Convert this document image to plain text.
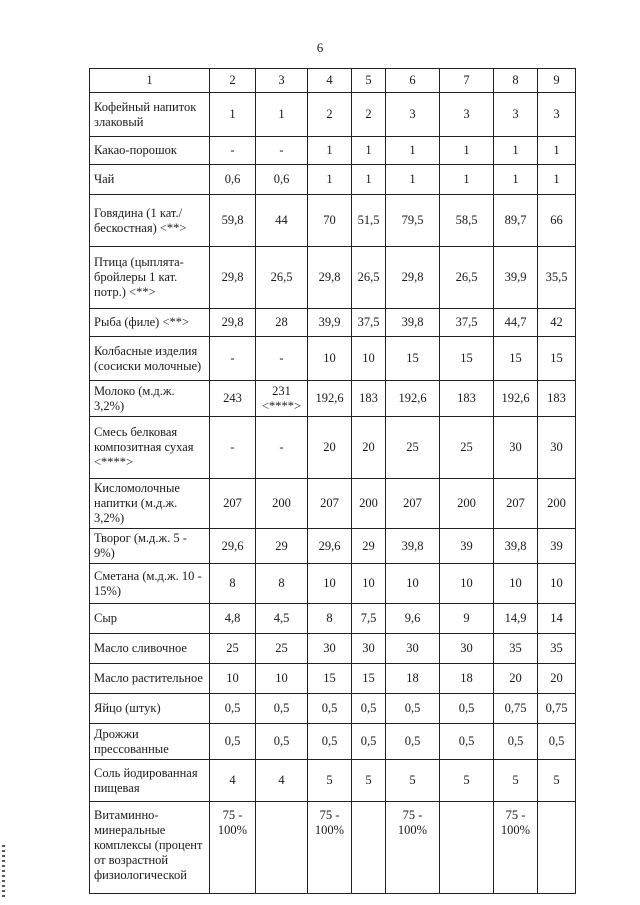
6
1	2	3	4	5	6	7	8	9
Кофейный напиток злаковый	1	1	2	2	3	3	3	3
Какао-порошок	-	-	1	1	1	1	1	1
Чай	0,6	0,6	1	1	1	1	1	1
Говядина (1 кат./бескостная) <**>	59,8	44	70	51,5	79,5	58,5	89,7	66
Птица (цыплята-бройлеры 1 кат. потр.) <**>	29,8	26,5	29,8	26,5	29,8	26,5	39,9	35,5
Рыба (филе) <**>	29,8	28	39,9	37,5	39,8	37,5	44,7	42
Колбасные изделия (сосиски молочные)	-	-	10	10	15	15	15	15
Молоко (м.д.ж. 3,2%)	243	231 <****>	192,6	183	192,6	183	192,6	183
Смесь белковая композитная сухая <****>	-	-	20	20	25	25	30	30
Кисломолочные напитки (м.д.ж. 3,2%)	207	200	207	200	207	200	207	200
Творог (м.д.ж. 5 - 9%)	29,6	29	29,6	29	39,8	39	39,8	39
Сметана (м.д.ж. 10 - 15%)	8	8	10	10	10	10	10	10
Сыр	4,8	4,5	8	7,5	9,6	9	14,9	14
Масло сливочное	25	25	30	30	30	30	35	35
Масло растительное	10	10	15	15	18	18	20	20
Яйцо (штук)	0,5	0,5	0,5	0,5	0,5	0,5	0,75	0,75
Дрожжи прессованные	0,5	0,5	0,5	0,5	0,5	0,5	0,5	0,5
Соль йодированная пищевая	4	4	5	5	5	5	5	5
Витаминно-минеральные комплексы (процент от возрастной физиологической	75 - 100%		75 - 100%		75 - 100%		75 - 100%	
